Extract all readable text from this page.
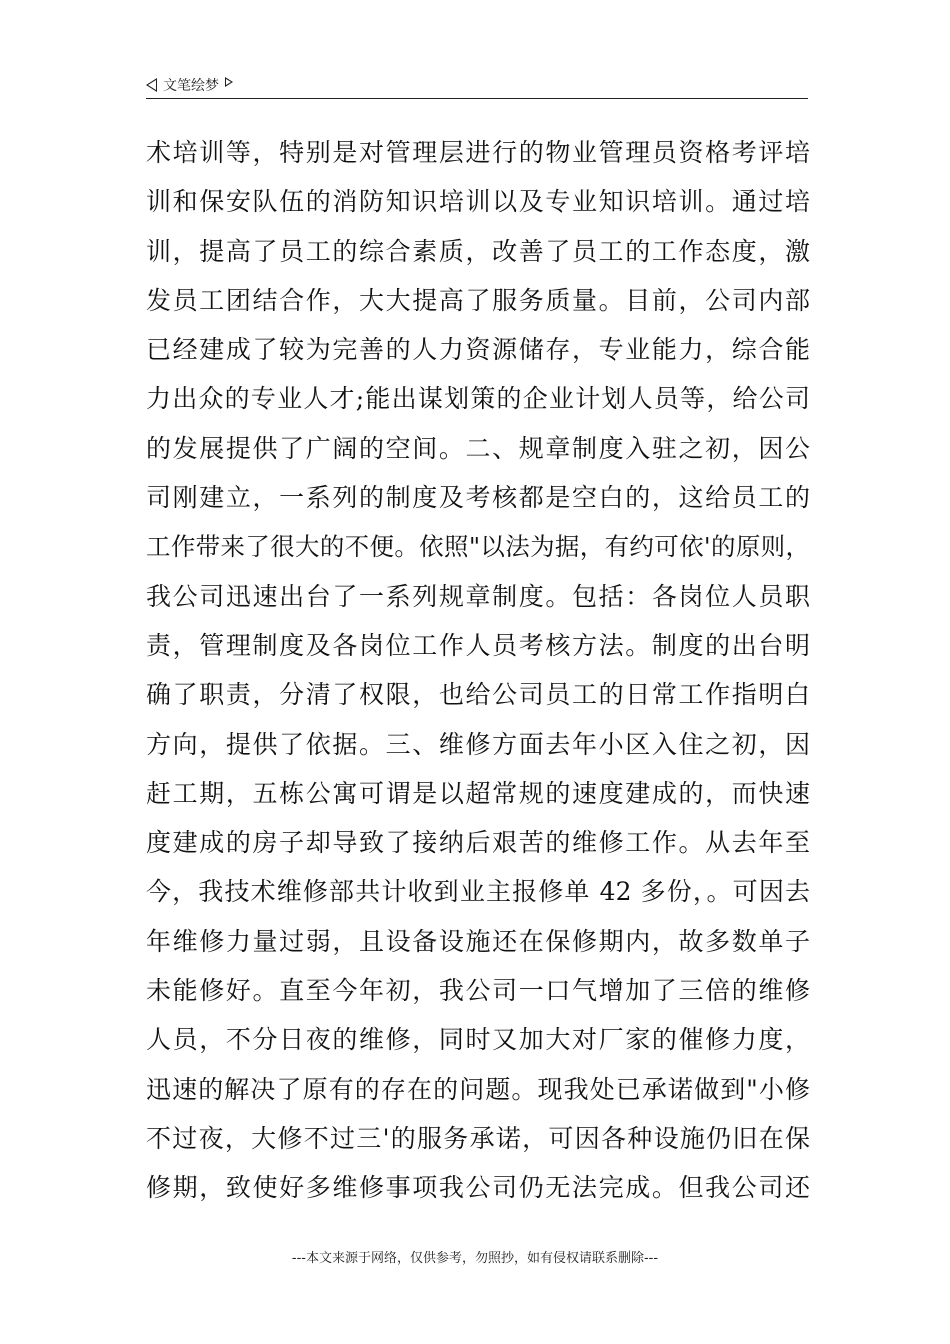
文笔绘梦
术培训等，特别是对管理层进行的物业管理员资格考评培
训和保安队伍的消防知识培训以及专业知识培训。通过培
训，提高了员工的综合素质，改善了员工的工作态度，激
发员工团结合作，大大提高了服务质量。目前，公司内部
已经建成了较为完善的人力资源储存，专业能力，综合能
力出众的专业人才;能出谋划策的企业计划人员等，给公司
的发展提供了广阔的空间。二、规章制度入驻之初，因公
司刚建立，一系列的制度及考核都是空白的，这给员工的
工作带来了很大的不便。依照"以法为据，有约可依'的原则，
我公司迅速出台了一系列规章制度。包括：各岗位人员职
责，管理制度及各岗位工作人员考核方法。制度的出台明
确了职责，分清了权限，也给公司员工的日常工作指明白
方向，提供了依据。三、维修方面去年小区入住之初，因
赶工期，五栋公寓可谓是以超常规的速度建成的，而快速
度建成的房子却导致了接纳后艰苦的维修工作。从去年至
今，我技术维修部共计收到业主报修单 42 多份，。可因去
年维修力量过弱，且设备设施还在保修期内，故多数单子
未能修好。直至今年初，我公司一口气增加了三倍的维修
人员，不分日夜的维修，同时又加大对厂家的催修力度，
迅速的解决了原有的存在的问题。现我处已承诺做到"小修
不过夜，大修不过三'的服务承诺，可因各种设施仍旧在保
修期，致使好多维修事项我公司仍无法完成。但我公司还
---本文来源于网络，仅供参考，勿照抄，如有侵权请联系删除---
